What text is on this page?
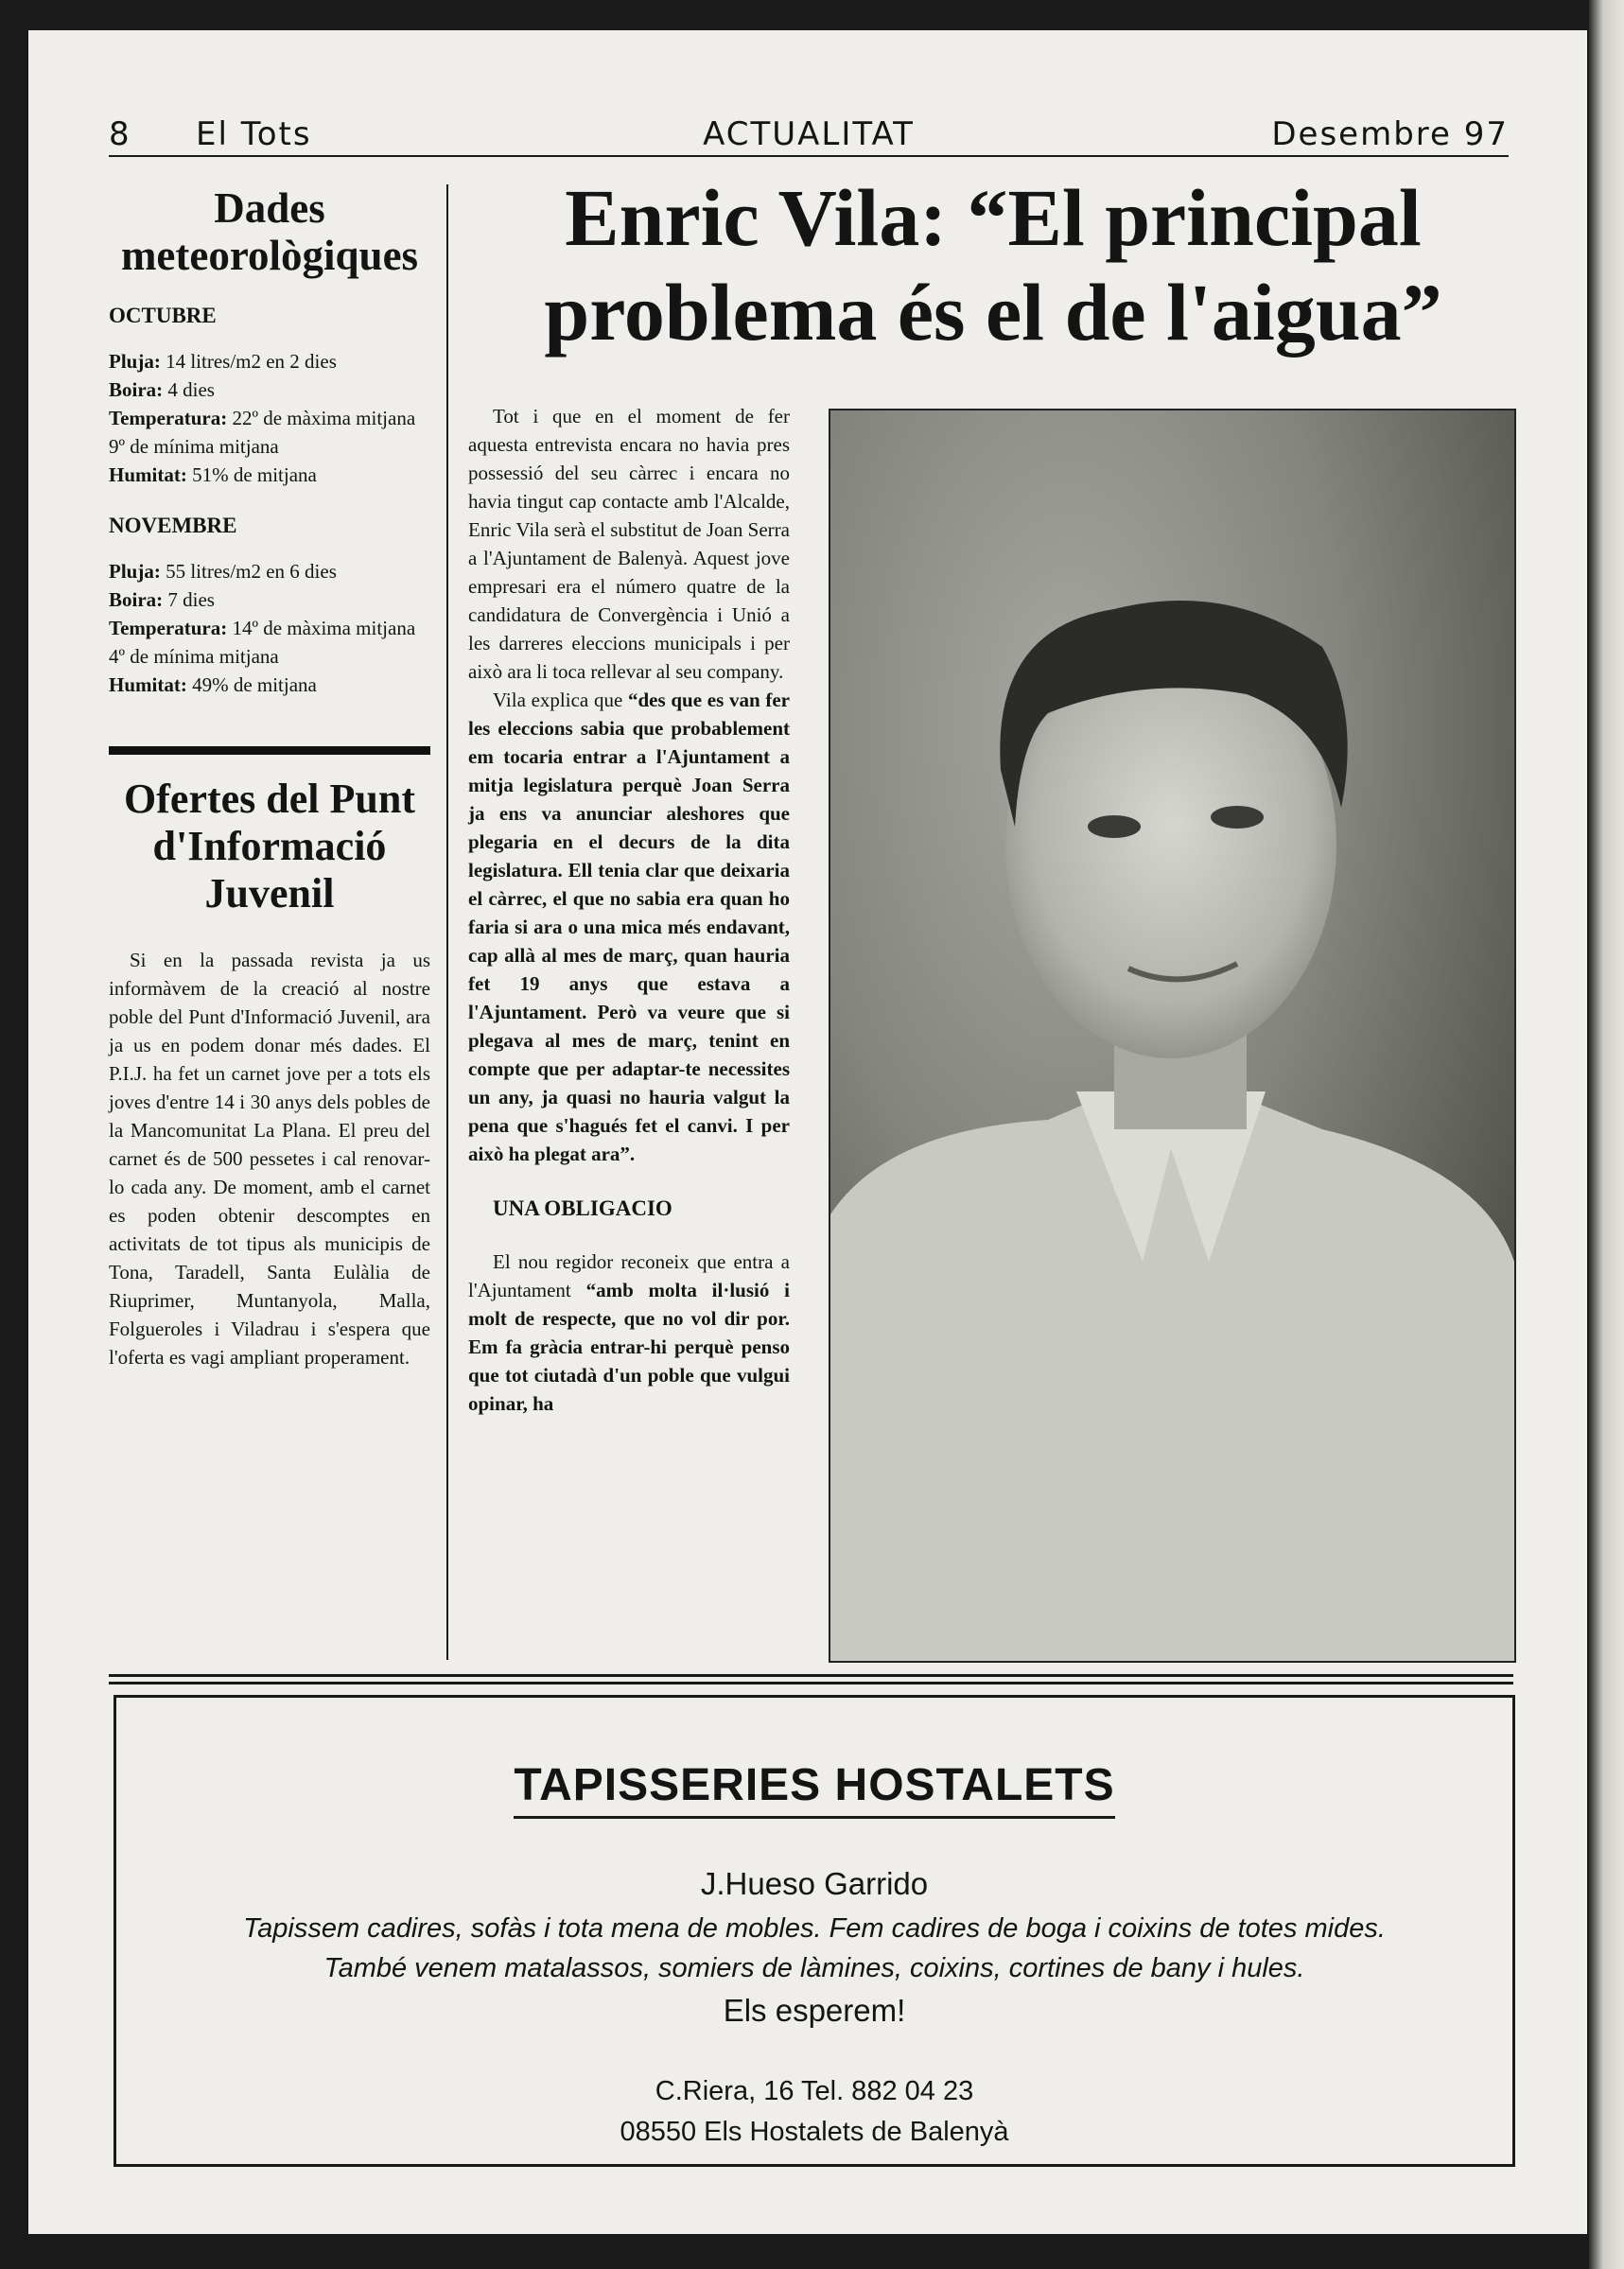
8 El Tots	ACTUALITAT	Desembre 97
Dades meteorològiques
OCTUBRE

Pluja: 14 litres/m2 en 2 dies

Boira: 4 dies

Temperatura: 22º de màxima mitjana

9º de mínima mitjana

Humitat: 51% de mitjana

NOVEMBRE

Pluja: 55 litres/m2 en 6 dies

Boira: 7 dies

Temperatura: 14º de màxima mitjana

4º de mínima mitjana

Humitat: 49% de mitjana

Ofertes del Punt d'Informació Juvenil
Si en la passada revista ja us informàvem de la creació al nostre poble del Punt d'Informació Juvenil, ara ja us en podem donar més dades. El P.I.J. ha fet un carnet jove per a tots els joves d'entre 14 i 30 anys dels pobles de la Mancomunitat La Plana. El preu del carnet és de 500 pessetes i cal renovar-lo cada any. De moment, amb el carnet es poden obtenir descomptes en activitats de tot tipus als municipis de Tona, Taradell, Santa Eulàlia de Riuprimer, Muntanyola, Malla, Folgueroles i Viladrau i s'espera que l'oferta es vagi ampliant properament.
Enric Vila: “El principal problema és el de l'aigua”

Tot i que en el moment de fer aquesta entrevista encara no havia pres possessió del seu càrrec i encara no havia tingut cap contacte amb l'Alcalde, Enric Vila serà el substitut de Joan Serra a l'Ajuntament de Balenyà. Aquest jove empresari era el número quatre de la candidatura de Convergència i Unió a les darreres eleccions municipals i per això ara li toca rellevar al seu company.

Vila explica que “des que es van fer les eleccions sabia que probablement em tocaria entrar a l'Ajuntament a mitja legislatura perquè Joan Serra ja ens va anunciar aleshores que plegaria en el decurs de la dita legislatura. Ell tenia clar que deixaria el càrrec, el que no sabia era quan ho faria si ara o una mica més endavant, cap allà al mes de març, quan hauria fet 19 anys que estava a l'Ajuntament. Però va veure que si plegava al mes de març, tenint en compte que per adaptar-te necessites un any, ja quasi no hauria valgut la pena que s'hagués fet el canvi. I per això ha plegat ara”.

UNA OBLIGACIO

El nou regidor reconeix que entra a l'Ajuntament “amb molta il·lusió i molt de respecte, que no vol dir por. Em fa gràcia entrar-hi perquè penso que tot ciutadà d'un poble que vulgui opinar, ha

TAPISSERIES HOSTALETS
J.Hueso Garrido
Tapissem cadires, sofàs i tota mena de mobles. Fem cadires de boga i coixins de totes mides.
També venem matalassos, somiers de làmines, coixins, cortines de bany i hules.
Els esperem!
C.Riera, 16 Tel. 882 04 23
08550 Els Hostalets de Balenyà
